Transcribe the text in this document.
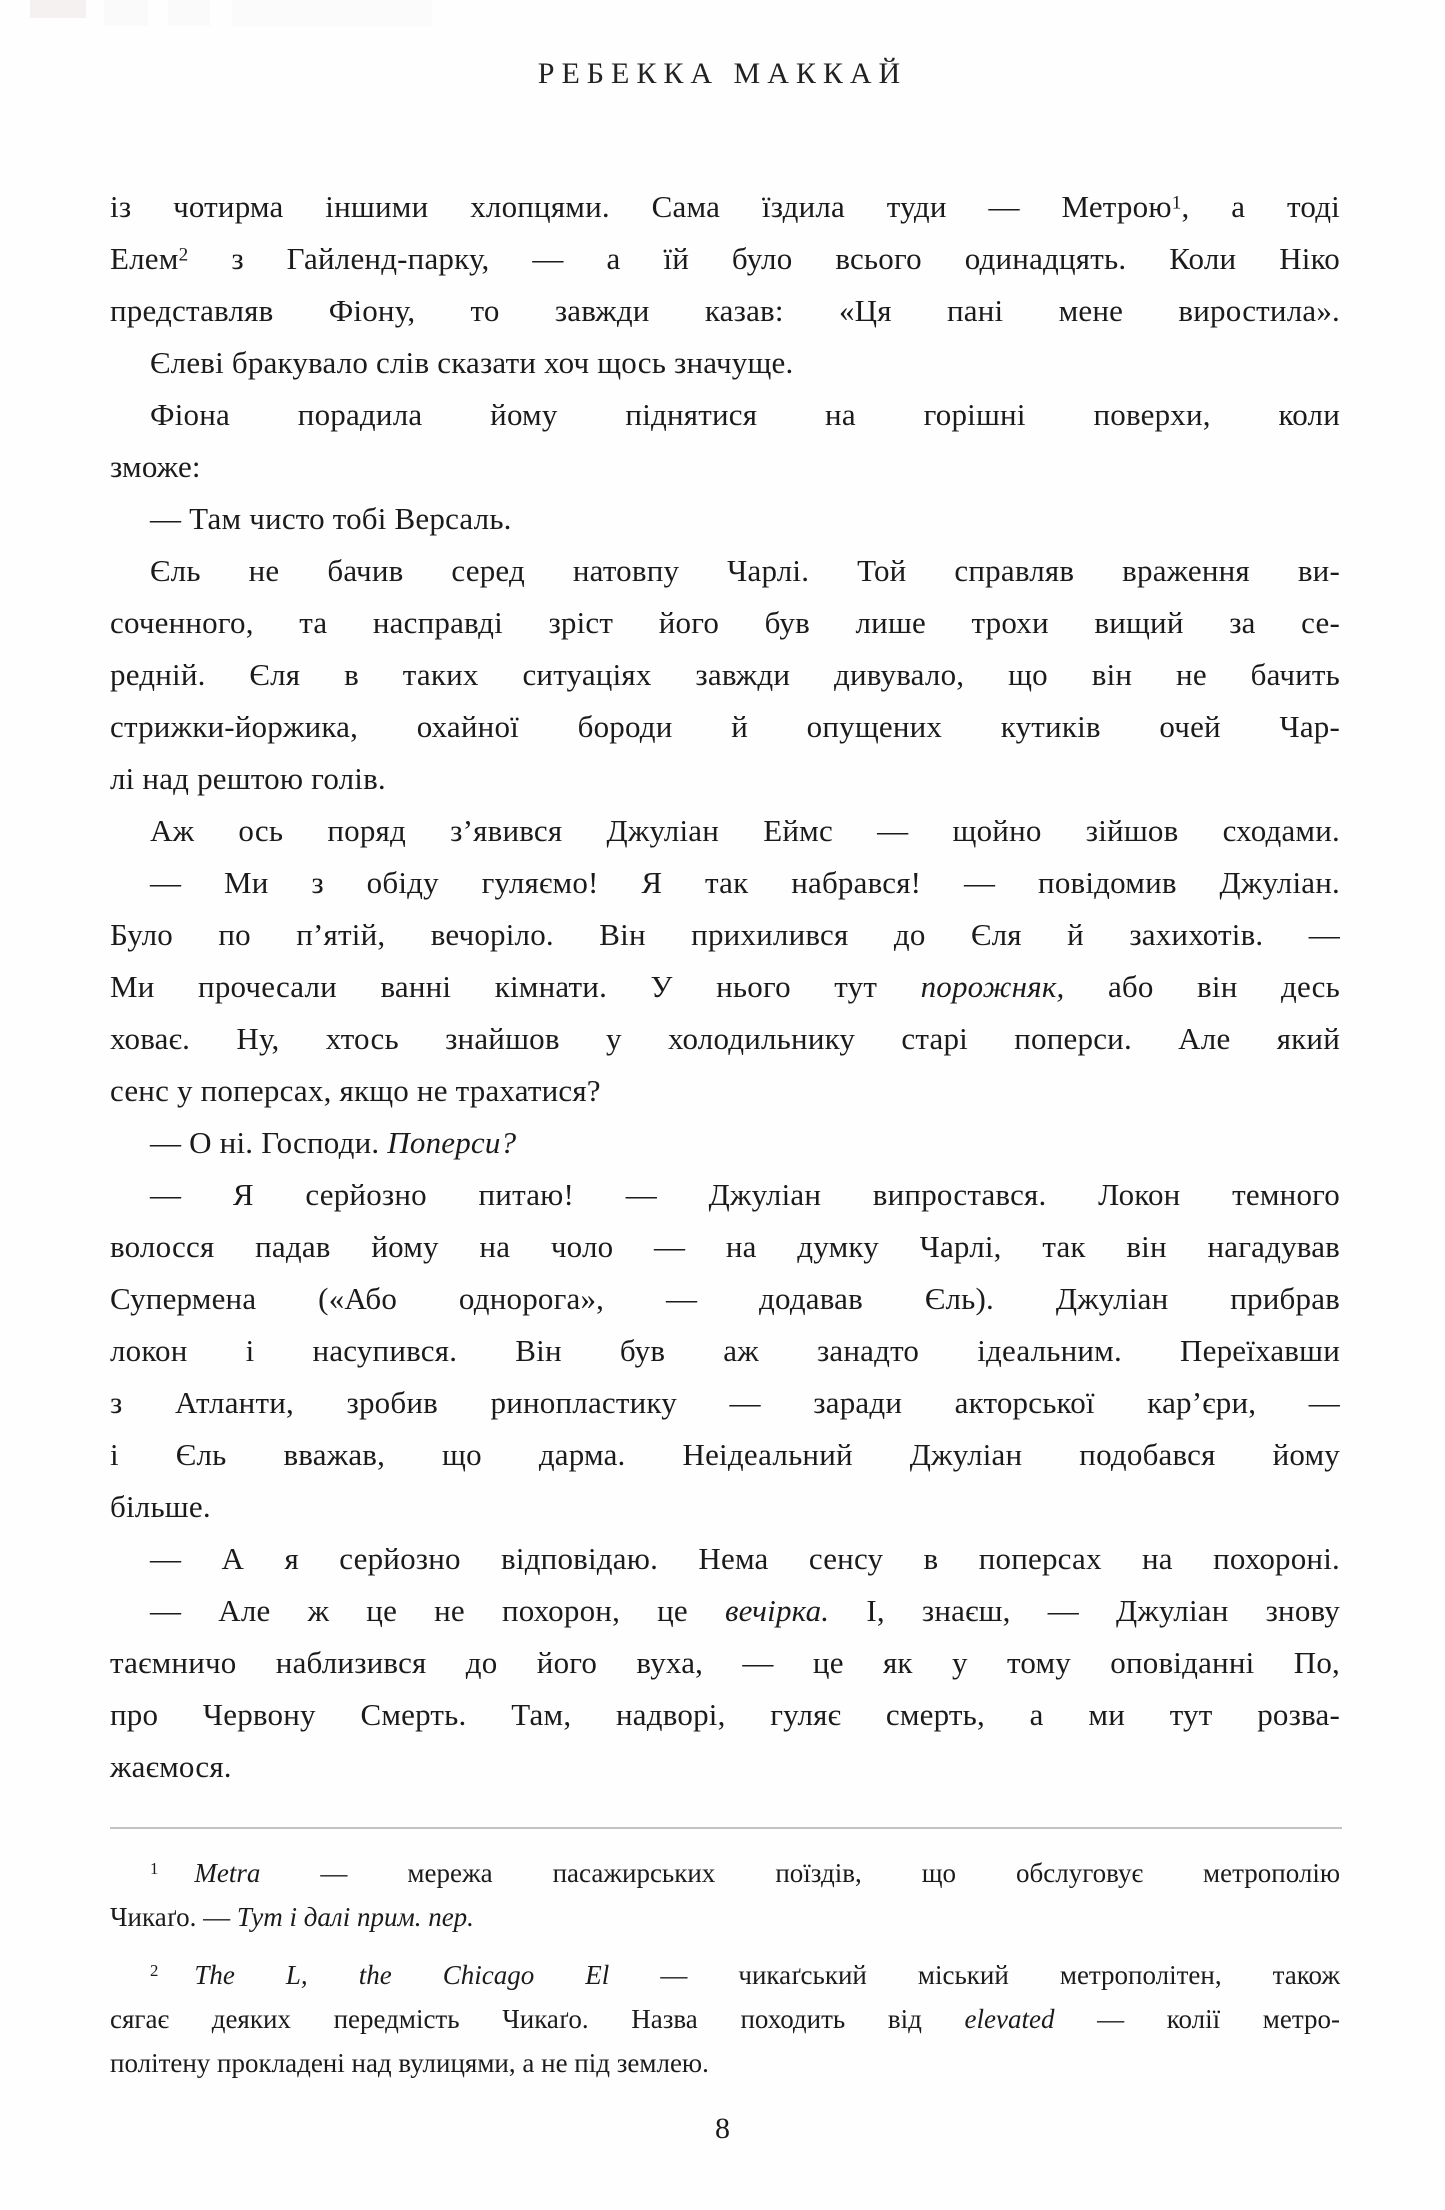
РЕБЕККА МАККАЙ
із чотирма іншими хлопцями. Сама їздила туди — Метрою$^1$, а тоді
Елем$^2$ з Гайленд-парку, — а їй було всього одинадцять. Коли Ніко
представляв Фіону, то завжди казав: «Ця пані мене виростила».
Єлеві бракувало слів сказати хоч щось значуще.
Фіона порадила йому піднятися на горішні поверхи, коли
зможе:
— Там чисто тобі Версаль.
Єль не бачив серед натовпу Чарлі. Той справляв враження ви-
соченного, та насправді зріст його був лише трохи вищий за се-
редній. Єля в таких ситуаціях завжди дивувало, що він не бачить
стрижки-йоржика, охайної бороди й опущених кутиків очей Чар-
лі над рештою голів.
Аж ось поряд з’явився Джуліан Еймс — щойно зійшов сходами.
— Ми з обіду гуляємо! Я так набрався! — повідомив Джуліан.
Було по п’ятій, вечоріло. Він прихилився до Єля й захихотів. —
Ми прочесали ванні кімнати. У нього тут порожняк, або він десь
ховає. Ну, хтось знайшов у холодильнику старі поперси. Але який
сенс у поперсах, якщо не трахатися?
— О ні. Господи. Поперси?
— Я серйозно питаю! — Джуліан випростався. Локон темного
волосся падав йому на чоло — на думку Чарлі, так він нагадував
Супермена («Або однорога», — додавав Єль). Джуліан прибрав
локон і насупився. Він був аж занадто ідеальним. Переїхавши
з Атланти, зробив ринопластику — заради акторської кар’єри, —
і Єль вважав, що дарма. Неідеальний Джуліан подобався йому
більше.
— А я серйозно відповідаю. Нема сенсу в поперсах на похороні.
— Але ж це не похорон, це вечірка. І, знаєш, — Джуліан знову
таємничо наблизився до його вуха, — це як у тому оповіданні По,
про Червону Смерть. Там, надворі, гуляє смерть, а ми тут розва-
жаємося.
$^1$ Metra — мережа пасажирських поїздів, що обслуговує метрополію
Чикаґо. — Тут і далі прим. пер.
$^2$ The L, the Chicago El — чикаґський міський метрополітен, також
сягає деяких передмість Чикаґо. Назва походить від elevated — колії метро-
політену прокладені над вулицями, а не під землею.
8
